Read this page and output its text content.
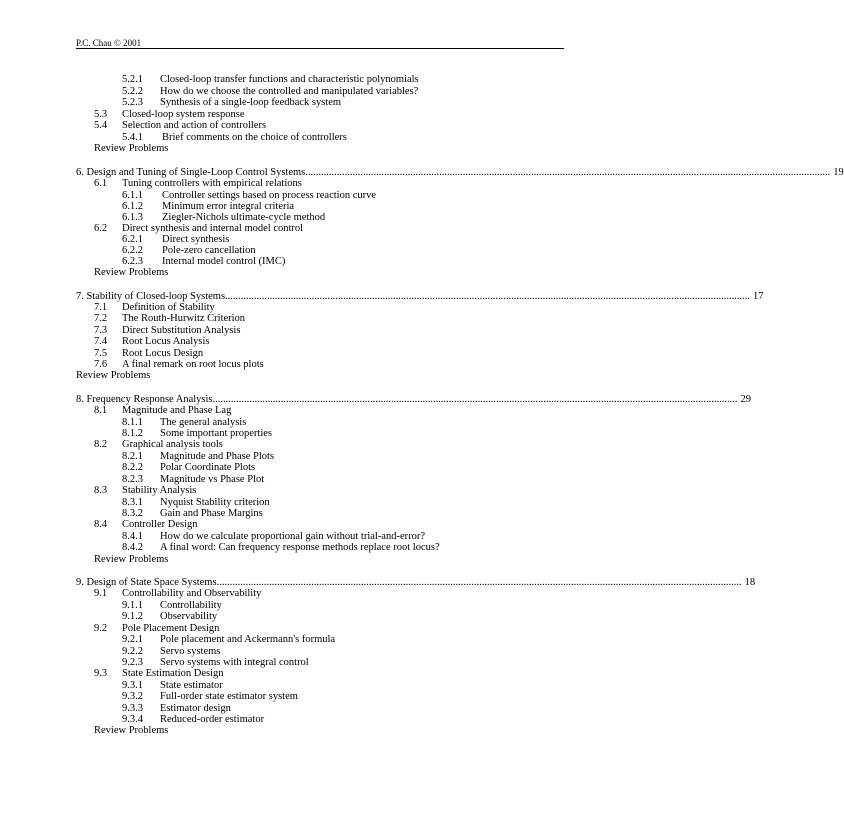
P.C. Chau © 2001
5.2.1 Closed-loop transfer functions and characteristic polynomials
5.2.2 How do we choose the controlled and manipulated variables?
5.2.3 Synthesis of a single-loop feedback system
5.3 Closed-loop system response
5.4 Selection and action of controllers
5.4.1 Brief comments on the choice of controllers
Review Problems
6. Design and Tuning of Single-Loop Control Systems ........................................................................................................................................................................................................ 19
6.1 Tuning controllers with empirical relations
6.1.1 Controller settings based on process reaction curve
6.1.2 Minimum error integral criteria
6.1.3 Ziegler-Nichols ultimate-cycle method
6.2 Direct synthesis and internal model control
6.2.1 Direct synthesis
6.2.2 Pole-zero cancellation
6.2.3 Internal model control (IMC)
Review Problems
7. Stability of Closed-loop Systems ........................................................................................................................................................................................................ 17
7.1 Definition of Stability
7.2 The Routh-Hurwitz Criterion
7.3 Direct Substitution Analysis
7.4 Root Locus Analysis
7.5 Root Locus Design
7.6 A final remark on root locus plots
Review Problems
8. Frequency Response Analysis ........................................................................................................................................................................................................ 29
8.1 Magnitude and Phase Lag
8.1.1 The general analysis
8.1.2 Some important properties
8.2 Graphical analysis tools
8.2.1 Magnitude and Phase Plots
8.2.2 Polar Coordinate Plots
8.2.3 Magnitude vs Phase Plot
8.3 Stability Analysis
8.3.1 Nyquist Stability criterion
8.3.2 Gain and Phase Margins
8.4 Controller Design
8.4.1 How do we calculate proportional gain without trial-and-error?
8.4.2 A final word: Can frequency response methods replace root locus?
Review Problems
9. Design of State Space Systems ........................................................................................................................................................................................................ 18
9.1 Controllability and Observability
9.1.1 Controllability
9.1.2 Observability
9.2 Pole Placement Design
9.2.1 Pole placement and Ackermann's formula
9.2.2 Servo systems
9.2.3 Servo systems with integral control
9.3 State Estimation Design
9.3.1 State estimator
9.3.2 Full-order state estimator system
9.3.3 Estimator design
9.3.4 Reduced-order estimator
Review Problems
